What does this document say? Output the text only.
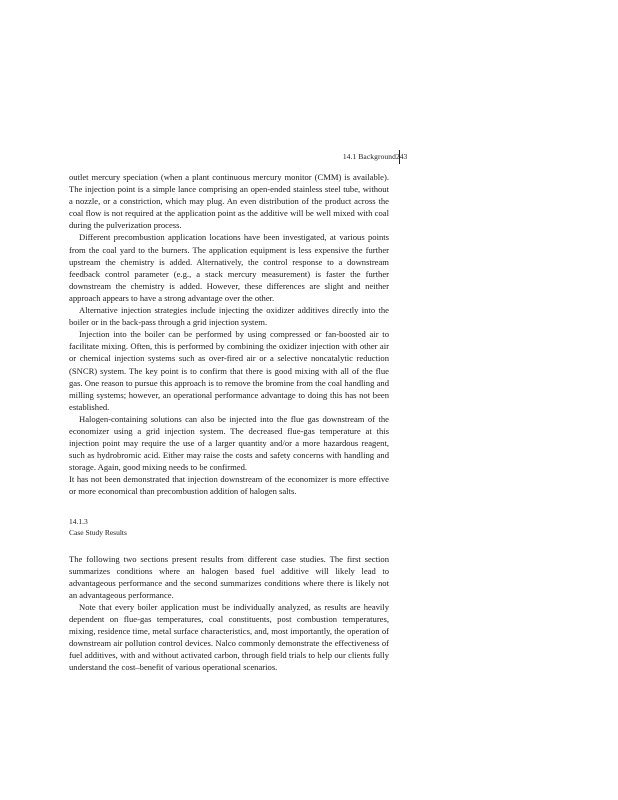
14.1 Background 243

outlet mercury speciation (when a plant continuous mercury monitor (CMM) is available). The injection point is a simple lance comprising an open-ended stainless steel tube, without a nozzle, or a constriction, which may plug. An even distribution of the product across the coal flow is not required at the application point as the additive will be well mixed with coal during the pulverization process.

Different precombustion application locations have been investigated, at various points from the coal yard to the burners. The application equipment is less expensive the further upstream the chemistry is added. Alternatively, the control response to a downstream feedback control parameter (e.g., a stack mercury measurement) is faster the further downstream the chemistry is added. However, these differences are slight and neither approach appears to have a strong advantage over the other.

Alternative injection strategies include injecting the oxidizer additives directly into the boiler or in the back-pass through a grid injection system.

Injection into the boiler can be performed by using compressed or fan-boosted air to facilitate mixing. Often, this is performed by combining the oxidizer injection with other air or chemical injection systems such as over-fired air or a selective noncatalytic reduction (SNCR) system. The key point is to confirm that there is good mixing with all of the flue gas. One reason to pursue this approach is to remove the bromine from the coal handling and milling systems; however, an operational performance advantage to doing this has not been established.

Halogen-containing solutions can also be injected into the flue gas downstream of the economizer using a grid injection system. The decreased flue-gas temperature at this injection point may require the use of a larger quantity and/or a more hazardous reagent, such as hydrobromic acid. Either may raise the costs and safety concerns with handling and storage. Again, good mixing needs to be confirmed.

It has not been demonstrated that injection downstream of the economizer is more effective or more economical than precombustion addition of halogen salts.

14.1.3
Case Study Results

The following two sections present results from different case studies. The first section summarizes conditions where an halogen based fuel additive will likely lead to advantageous performance and the second summarizes conditions where there is likely not an advantageous performance.

Note that every boiler application must be individually analyzed, as results are heavily dependent on flue-gas temperatures, coal constituents, post combustion temperatures, mixing, residence time, metal surface characteristics, and, most importantly, the operation of downstream air pollution control devices. Nalco commonly demonstrate the effectiveness of fuel additives, with and without activated carbon, through field trials to help our clients fully understand the cost–benefit of various operational scenarios.
